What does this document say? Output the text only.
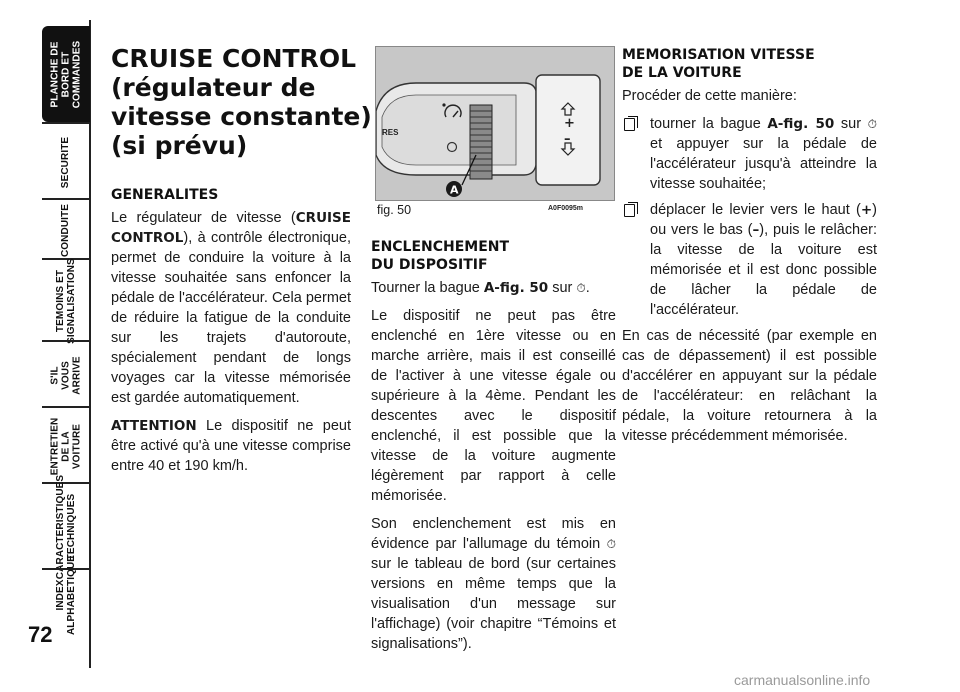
PLANCHE DE
BORD ET
COMMANDES
SECURITE
CONDUITE
TEMOINS ET
SIGNALISATIONS
S'IL VOUS
ARRIVE
ENTRETIEN
DE LA VOITURE
CARACTERISTIQUES
TECHNIQUES
INDEX
ALPHABETIQUE
72
CRUISE CONTROL
(régulateur de
vitesse constante)
(si prévu)
GENERALITES

Le régulateur de vitesse (CRUISE CONTROL), à contrôle électronique, permet de conduire la voiture à la vitesse souhaitée sans enfoncer la pédale de l'accélérateur. Cela permet de réduire la fatigue de la conduite sur les trajets d'autoroute, spécialement pendant de longs voyages car la vitesse mémorisée est gardée automatiquement.

ATTENTION Le dispositif ne peut être activé qu'à une vitesse comprise entre 40 et 190 km/h.

+
–
RES
A
fig. 50	A0F0095m
ENCLENCHEMENT
DU DISPOSITIF

Tourner la bague A-fig. 50 sur ⏱.

Le dispositif ne peut pas être enclenché en 1ère vitesse ou en marche arrière, mais il est conseillé de l'activer à une vitesse égale ou supérieure à la 4ème. Pendant les descentes avec le dispositif enclenché, il est possible que la vitesse de la voiture augmente légèrement par rapport à celle mémorisée.

Son enclenchement est mis en évidence par l'allumage du témoin ⏱ sur le tableau de bord (sur certaines versions en même temps que la visualisation d'un message sur l'affichage) (voir chapitre “Témoins et signalisations”).

MEMORISATION VITESSE
DE LA VOITURE

Procéder de cette manière:

tourner la bague A-fig. 50 sur ⏱ et appuyer sur la pédale de l'accélérateur jusqu'à atteindre la vitesse souhaitée;
déplacer le levier vers le haut (+) ou vers le bas (–), puis le relâcher: la vitesse de la voiture est mémorisée et il est donc possible de lâcher la pédale de l'accélérateur.

En cas de nécessité (par exemple en cas de dépassement) il est possible d'accélérer en appuyant sur la pédale de l'accélérateur: en relâchant la pédale, la voiture retournera à la vitesse précédemment mémorisée.

carmanualsonline.info
